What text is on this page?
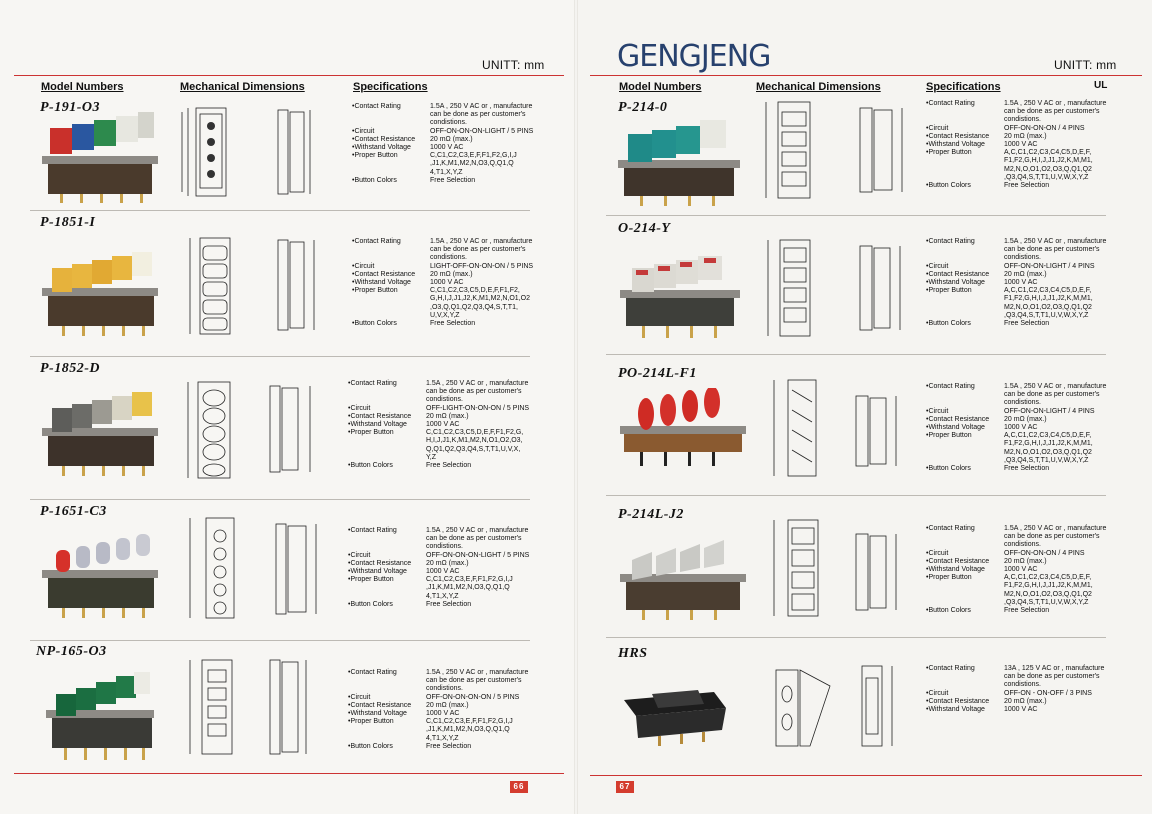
UNITT: mm
Model Numbers	Mechanical Dimensions	Specifications
66
UNITT: mm
Model Numbers	Mechanical Dimensions	Specifications
67
GENGJENG
UL
P-191-O3	• Contact Rating	1.5A , 250 V AC or , manufacture can be done as per customer's condistions.
• Circuit	OFF-ON-ON-ON-LIGHT / 5 PINS
• Contact Resistance	20 mΩ (max.)
• Withstand Voltage	1000 V AC
• Proper Button	C,C1,C2,C3,E,F,F1,F2,G,I,J ,J1,K,M1,M2,N,O3,Q,Q1,Q 4,T1,X,Y,Z
• Button Colors	Free Selection
P-1851-I
• Contact Rating	1.5A , 250 V AC or , manufacture can be done as per customer's condistions.
• Circuit	LIGHT-OFF-ON-ON-ON / 5 PINS
• Contact Resistance	20 mΩ (max.)
• Withstand Voltage	1000 V AC
• Proper Button	C,C1,C2,C3,C5,D,E,F,F1,F2, G,H,I,J,J1,J2,K,M1,M2,N,O1,O2 ,O3,Q,Q1,Q2,Q3,Q4,S,T,T1, U,V,X,Y,Z
• Button Colors	Free Selection
P-1852-D
• Contact Rating	1.5A , 250 V AC or , manufacture can be done as per customer's condistions.
• Circuit	OFF-LIGHT-ON-ON-ON / 5 PINS
• Contact Resistance	20 mΩ (max.)
• Withstand Voltage	1000 V AC
• Proper Button	C,C1,C2,C3,C5,D,E,F,F1,F2,G, H,I,J,J1,K,M1,M2,N,O1,O2,O3, Q,Q1,Q2,Q3,Q4,S,T,T1,U,V,X, Y,Z
• Button Colors	Free Selection
P-1651-C3
• Contact Rating	1.5A , 250 V AC or , manufacture can be done as per customer's condistions.
• Circuit	OFF-ON-ON-ON-LIGHT / 5 PINS
• Contact Resistance	20 mΩ (max.)
• Withstand Voltage	1000 V AC
• Proper Button	C,C1,C2,C3,E,F,F1,F2,G,I,J ,J1,K,M1,M2,N,O3,Q,Q1,Q 4,T1,X,Y,Z
• Button Colors	Free Selection
NP-165-O3
• Contact Rating	1.5A , 250 V AC or , manufacture can be done as per customer's condistions.
• Circuit	OFF-ON-ON-ON-ON / 5 PINS
• Contact Resistance	20 mΩ (max.)
• Withstand Voltage	1000 V AC
• Proper Button	C,C1,C2,C3,E,F,F1,F2,G,I,J ,J1,K,M1,M2,N,O3,Q,Q1,Q 4,T1,X,Y,Z
• Button Colors	Free Selection
P-214-0	• Contact Rating	1.5A , 250 V AC or , manufacture can be done as per customer's condistions.
• Circuit	OFF-ON-ON-ON / 4 PINS
• Contact Resistance	20 mΩ (max.)
• Withstand Voltage	1000 V AC
• Proper Button	A,C,C1,C2,C3,C4,C5,D,E,F, F1,F2,G,H,I,J,J1,J2,K,M,M1, M2,N,O,O1,O2,O3,Q,Q1,Q2 ,Q3,Q4,S,T,T1,U,V,W,X,Y,Z
• Button Colors	Free Selection
O-214-Y
• Contact Rating	1.5A , 250 V AC or , manufacture can be done as per customer's condistions.
• Circuit	OFF-ON-ON-LIGHT / 4 PINS
• Contact Resistance	20 mΩ (max.)
• Withstand Voltage	1000 V AC
• Proper Button	A,C,C1,C2,C3,C4,C5,D,E,F, F1,F2,G,H,I,J,J1,J2,K,M,M1, M2,N,O,O1,O2,O3,Q,Q1,Q2 ,Q3,Q4,S,T,T1,U,V,W,X,Y,Z
• Button Colors	Free Selection
PO-214L-F1
• Contact Rating	1.5A , 250 V AC or , manufacture can be done as per customer's condistions.
• Circuit	OFF-ON-ON-LIGHT / 4 PINS
• Contact Resistance	20 mΩ (max.)
• Withstand Voltage	1000 V AC
• Proper Button	A,C,C1,C2,C3,C4,C5,D,E,F, F1,F2,G,H,I,J,J1,J2,K,M,M1, M2,N,O,O1,O2,O3,Q,Q1,Q2 ,Q3,Q4,S,T,T1,U,V,W,X,Y,Z
• Button Colors	Free Selection
P-214L-J2
• Contact Rating	1.5A , 250 V AC or , manufacture can be done as per customer's condistions.
• Circuit	OFF-ON-ON-ON / 4 PINS
• Contact Resistance	20 mΩ (max.)
• Withstand Voltage	1000 V AC
• Proper Button	A,C,C1,C2,C3,C4,C5,D,E,F, F1,F2,G,H,I,J,J1,J2,K,M,M1, M2,N,O,O1,O2,O3,Q,Q1,Q2 ,Q3,Q4,S,T,T1,U,V,W,X,Y,Z
• Button Colors	Free Selection
HRS
• Contact Rating	13A , 125 V AC or , manufacture can be done as per customer's condistions.
• Circuit	OFF-ON - ON-OFF / 3 PINS
• Contact Resistance	20 mΩ (max.)
• Withstand Voltage	1000 V AC
